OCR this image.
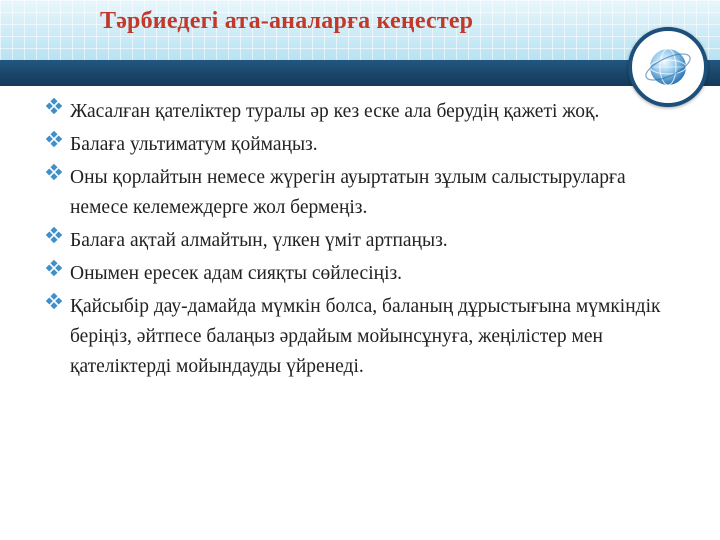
Тәрбиедегі ата-аналарға кеңестер
Жасалған қателіктер туралы әр кез еске ала берудің қажеті жоқ.
Балаға ультиматум қоймаңыз.
Оны қорлайтын немесе жүрегін ауыртатын зұлым салыстыруларға немесе келемеждерге жол бермеңіз.
Балаға ақтай алмайтын, үлкен үміт артпаңыз.
Онымен ересек адам сияқты сөйлесіңіз.
Қайсыбір дау-дамайда мүмкін болса, баланың дұрыстығына мүмкіндік беріңіз, әйтпесе балаңыз әрдайым мойынсұнуға, жеңілістер мен қателіктерді мойындауды үйренеді.
